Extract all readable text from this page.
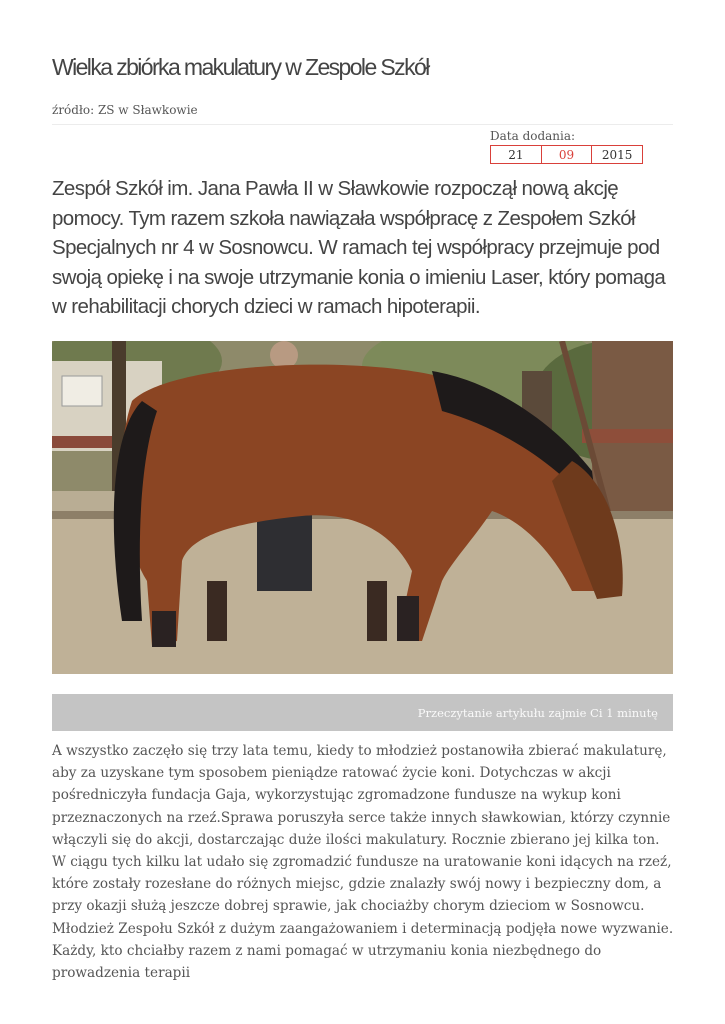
Wielka zbiórka makulatury w Zespole Szkół
źródło: ZS w Sławkowie
Data dodania:
21	09	2015

Zespół Szkół im. Jana Pawła II w Sławkowie rozpoczął nową akcję pomocy. Tym razem szkoła nawiązała współpracę z Zespołem Szkół Specjalnych nr 4 w Sosnowcu. W ramach tej współpracy przejmuje pod swoją opiekę i na swoje utrzymanie konia o imieniu Laser, który pomaga w rehabilitacji chorych dzieci w ramach hipoterapii.

Przeczytanie artykułu zajmie Ci 1 minutę

A wszystko zaczęło się trzy lata temu, kiedy to młodzież postanowiła zbierać makulaturę, aby za uzyskane tym sposobem pieniądze ratować życie koni. Dotychczas w akcji pośredniczyła fundacja Gaja, wykorzystując zgromadzone fundusze na wykup koni przeznaczonych na rzeź.Sprawa poruszyła serce także innych sławkowian, którzy czynnie włączyli się do akcji, dostarczając duże ilości makulatury. Rocznie zbierano jej kilka ton. W ciągu tych kilku lat udało się zgromadzić fundusze na uratowanie koni idących na rzeź, które zostały rozesłane do różnych miejsc, gdzie znalazły swój nowy i bezpieczny dom, a przy okazji służą jeszcze dobrej sprawie, jak chociażby chorym dzieciom w Sosnowcu. Młodzież Zespołu Szkół z dużym zaangażowaniem i determinacją podjęła nowe wyzwanie. Każdy, kto chciałby razem z nami pomagać w utrzymaniu konia niezbędnego do prowadzenia terapii
